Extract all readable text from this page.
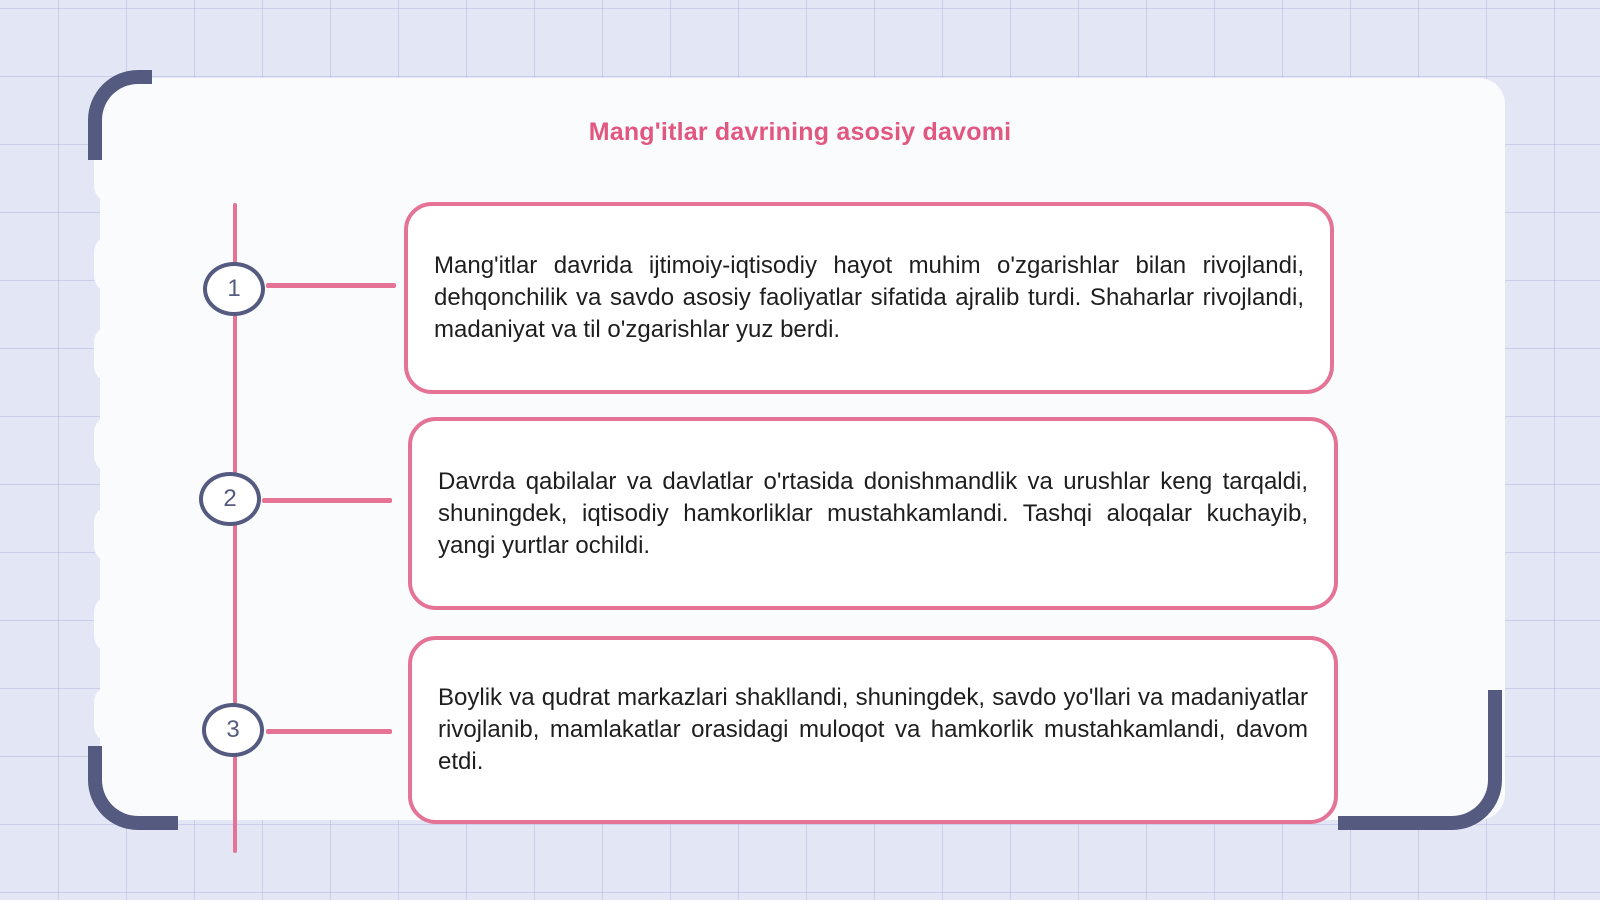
Mang'itlar davrining asosiy davomi
1
Mang'itlar davrida ijtimoiy-iqtisodiy hayot muhim o'zgarishlar bilan rivojlandi, dehqonchilik va savdo asosiy faoliyatlar sifatida ajralib turdi. Shaharlar rivojlandi, madaniyat va til o'zgarishlar yuz berdi.
2
Davrda qabilalar va davlatlar o'rtasida donishmandlik va urushlar keng tarqaldi, shuningdek, iqtisodiy hamkorliklar mustahkamlandi. Tashqi aloqalar kuchayib, yangi yurtlar ochildi.
3
Boylik va qudrat markazlari shakllandi, shuningdek, savdo yo'llari va madaniyatlar rivojlanib, mamlakatlar orasidagi muloqot va hamkorlik mustahkamlandi, davom etdi.
